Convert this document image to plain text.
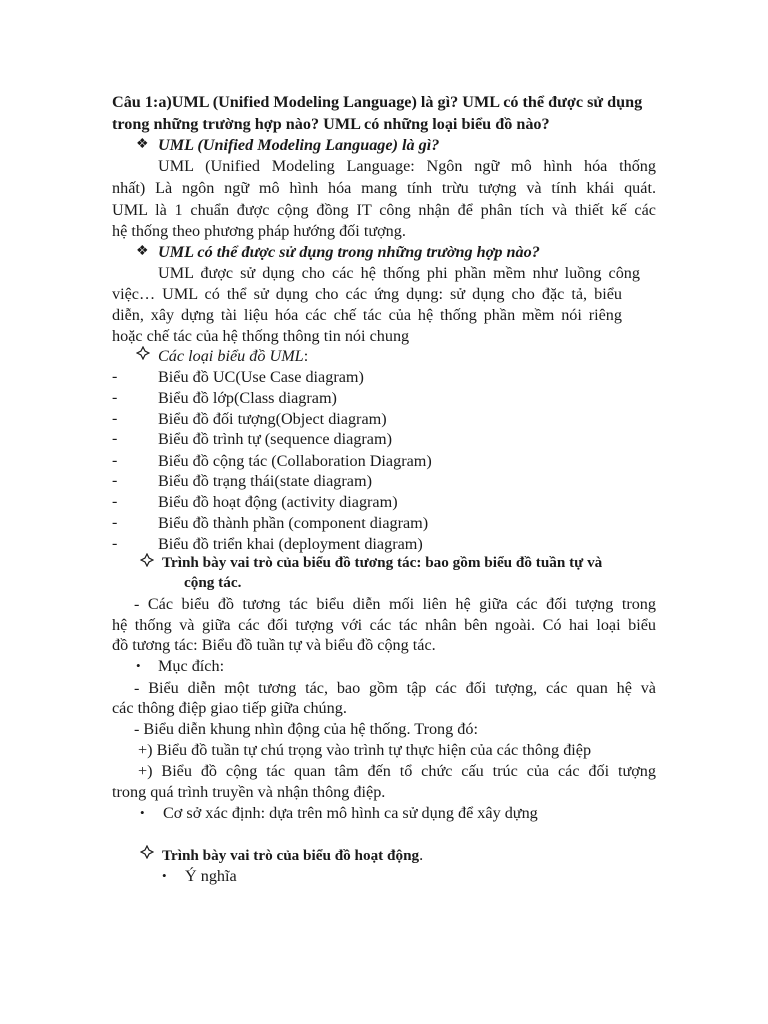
Câu 1:a)UML (Unified Modeling Language) là gì? UML có thể được sử dụng
trong những trường hợp nào? UML có những loại biểu đồ nào?
❖ UML (Unified Modeling Language) là gì?
UML (Unified Modeling Language: Ngôn ngữ mô hình hóa thống
nhất) Là ngôn ngữ mô hình hóa mang tính trừu tượng và tính khái quát.
UML là 1 chuẩn được cộng đồng IT công nhận để phân tích và thiết kế các
hệ thống theo phương pháp hướng đối tượng.
❖ UML có thể được sử dụng trong những trường hợp nào?
UML được sử dụng cho các hệ thống phi phần mềm như luồng công
việc… UML có thể sử dụng cho các ứng dụng: sử dụng cho đặc tả, biểu
diễn, xây dựng tài liệu hóa các chế tác của hệ thống phần mềm nói riêng
hoặc chế tác của hệ thống thông tin nói chung
Các loại biểu đồ UML:
-	Biểu đồ UC(Use Case diagram)
-	Biểu đồ lớp(Class diagram)
-	Biểu đồ đối tượng(Object diagram)
-	Biểu đồ trình tự (sequence diagram)
-	Biểu đồ cộng tác (Collaboration Diagram)
-	Biểu đồ trạng thái(state diagram)
-	Biểu đồ hoạt động (activity diagram)
-	Biểu đồ thành phần (component diagram)
-	Biểu đồ triển khai (deployment diagram)
Trình bày vai trò của biểu đồ tương tác: bao gồm biểu đồ tuần tự và
cộng tác.
- Các biểu đồ tương tác biểu diễn mối liên hệ giữa các đối tượng trong
hệ thống và giữa các đối tượng với các tác nhân bên ngoài. Có hai loại biểu
đồ tương tác: Biểu đồ tuần tự và biểu đồ cộng tác.
• Mục đích:
- Biểu diễn một tương tác, bao gồm tập các đối tượng, các quan hệ và
các thông điệp giao tiếp giữa chúng.
- Biểu diễn khung nhìn động của hệ thống. Trong đó:
+) Biểu đồ tuần tự chú trọng vào trình tự thực hiện của các thông điệp
+) Biểu đồ cộng tác quan tâm đến tổ chức cấu trúc của các đối tượng
trong quá trình truyền và nhận thông điệp.
• Cơ sở xác định: dựa trên mô hình ca sử dụng để xây dựng
Trình bày vai trò của biểu đồ hoạt động.
• Ý nghĩa
